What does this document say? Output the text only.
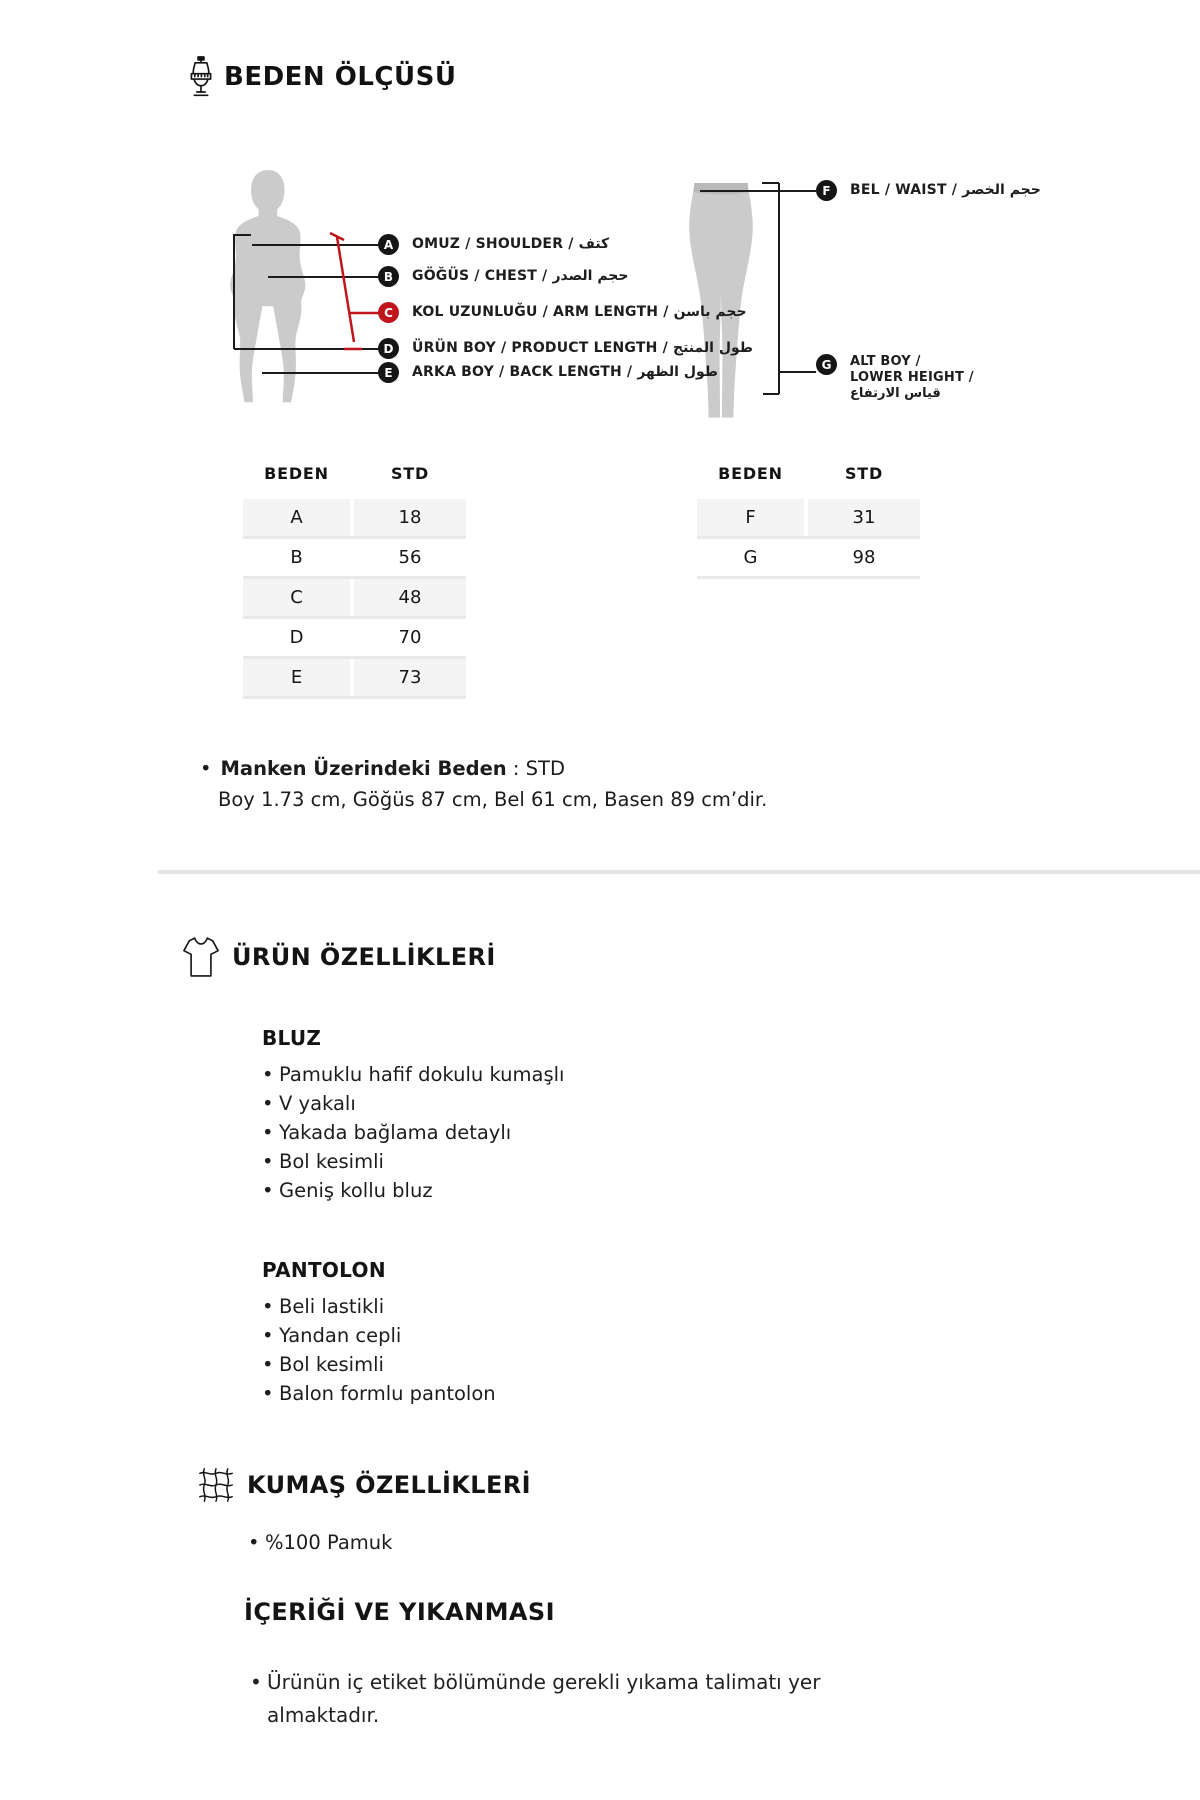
BEDEN ÖLÇÜSÜ
A	OMUZ / SHOULDER / كتف
B	GÖĞÜS / CHEST / حجم الصدر
C	KOL UZUNLUĞU / ARM LENGTH / حجم باسن
D	ÜRÜN BOY / PRODUCT LENGTH / طول المنتج
E	ARKA BOY / BACK LENGTH / طول الظهر
F	BEL / WAIST / حجم الخصر
G	ALT BOY /
LOWER HEIGHT /
قياس الارتفاع
BEDEN	STD
A	18
B	56
C	48
D	70
E	73
BEDEN	STD
F	31
G	98
• Manken Üzerindeki Beden : STD
Boy 1.73 cm, Göğüs 87 cm, Bel 61 cm, Basen 89 cm’dir.
ÜRÜN ÖZELLİKLERİ
BLUZ
• Pamuklu hafif dokulu kumaşlı
• V yakalı
• Yakada bağlama detaylı
• Bol kesimli
• Geniş kollu bluz
PANTOLON
• Beli lastikli
• Yandan cepli
• Bol kesimli
• Balon formlu pantolon
KUMAŞ ÖZELLİKLERİ
• %100 Pamuk
İÇERİĞİ VE YIKANMASI
• Ürünün iç etiket bölümünde gerekli yıkama talimatı yer almaktadır.
